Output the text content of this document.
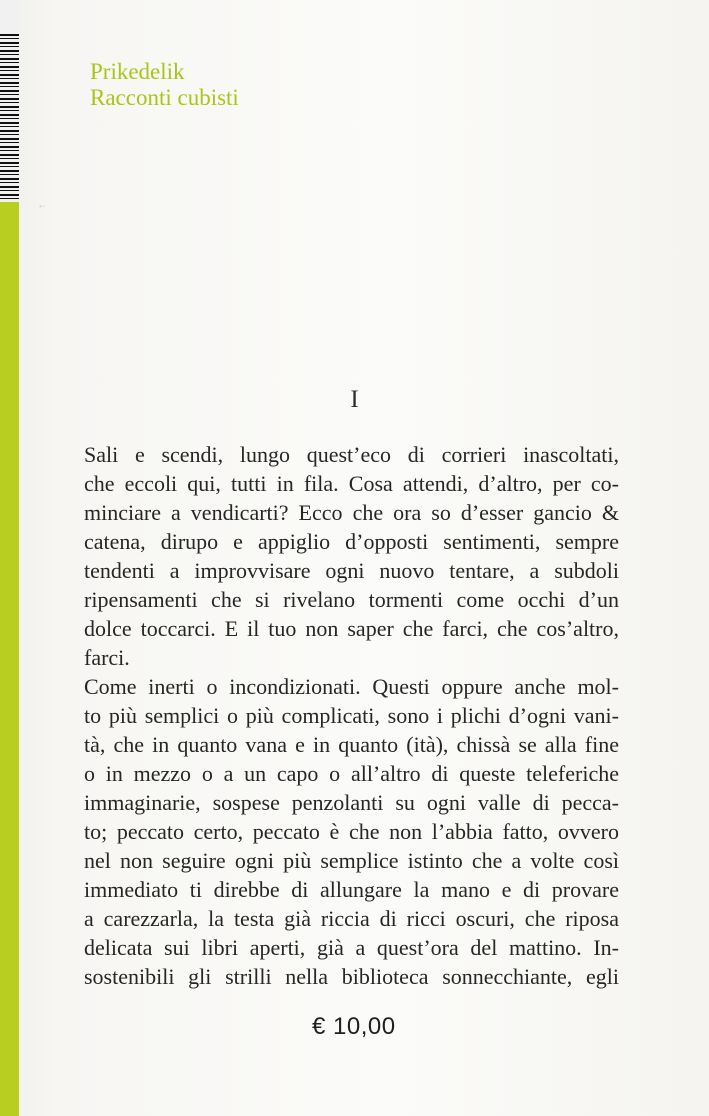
•~
Prikedelik
Racconti cubisti
I
Sali e scendi, lungo quest’eco di corrieri inascoltati,
che eccoli qui, tutti in fila. Cosa attendi, d’altro, per co-
minciare a vendicarti? Ecco che ora so d’esser gancio &
catena, dirupo e appiglio d’opposti sentimenti, sempre
tendenti a improvvisare ogni nuovo tentare, a subdoli
ripensamenti che si rivelano tormenti come occhi d’un
dolce toccarci. E il tuo non saper che farci, che cos’altro,
farci.
Come inerti o incondizionati. Questi oppure anche mol-
to più semplici o più complicati, sono i plichi d’ogni vani-
tà, che in quanto vana e in quanto (ità), chissà se alla fine
o in mezzo o a un capo o all’altro di queste teleferiche
immaginarie, sospese penzolanti su ogni valle di pecca-
to; peccato certo, peccato è che non l’abbia fatto, ovvero
nel non seguire ogni più semplice istinto che a volte così
immediato ti direbbe di allungare la mano e di provare
a carezzarla, la testa già riccia di ricci oscuri, che riposa
delicata sui libri aperti, già a quest’ora del mattino. In-
sostenibili gli strilli nella biblioteca sonnecchiante, egli
€ 10,00
